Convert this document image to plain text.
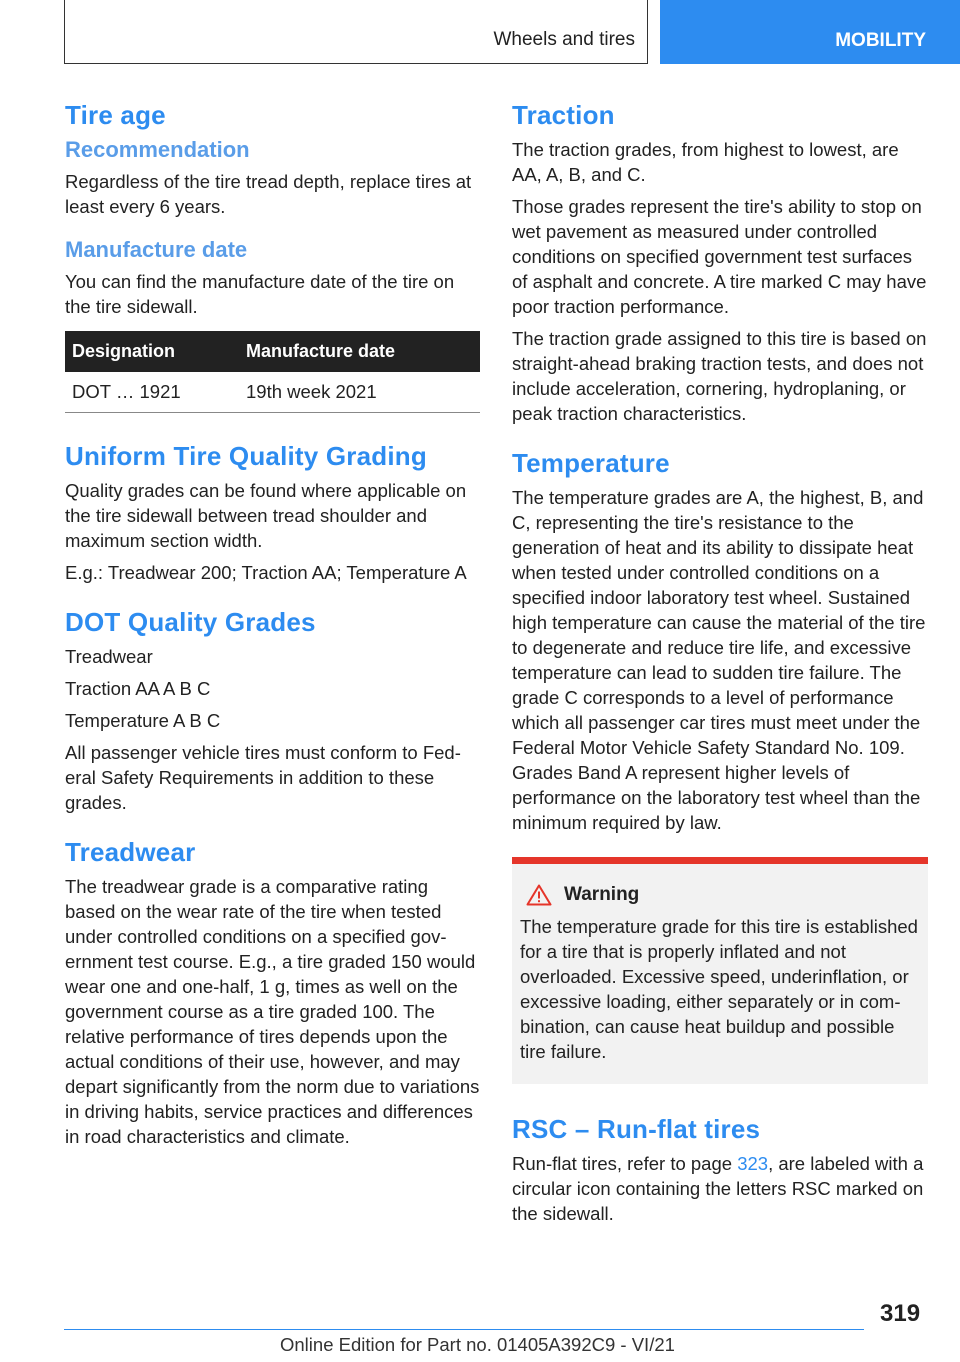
Wheels and tires	MOBILITY
Tire age
Recommendation

Regardless of the tire tread depth, replace tires at least every 6 years.

Manufacture date

You can find the manufacture date of the tire on the tire sidewall.

Designation	Manufacture date
DOT … 1921	19th week 2021
Uniform Tire Quality Grading

Quality grades can be found where applicable on the tire sidewall between tread shoulder and maximum section width.

E.g.: Treadwear 200; Traction AA; Temperature A

DOT Quality Grades

Treadwear

Traction AA A B C

Temperature A B C

All passenger vehicle tires must conform to Federal Safety Requirements in addition to these grades.

Treadwear

The treadwear grade is a comparative rating based on the wear rate of the tire when tested under controlled conditions on a specified government test course. E.g., a tire graded 150 would wear one and one-half, 1 g, times as well on the government course as a tire graded 100. The relative performance of tires depends upon the actual conditions of their use, however, and may depart significantly from the norm due to variations in driving habits, service practices and differences in road characteristics and climate.

Traction

The traction grades, from highest to lowest, are AA, A, B, and C.

Those grades represent the tire's ability to stop on wet pavement as measured under controlled conditions on specified government test surfaces of asphalt and concrete. A tire marked C may have poor traction performance.

The traction grade assigned to this tire is based on straight-ahead braking traction tests, and does not include acceleration, cornering, hydroplaning, or peak traction characteristics.

Temperature

The temperature grades are A, the highest, B, and C, representing the tire's resistance to the generation of heat and its ability to dissipate heat when tested under controlled conditions on a specified indoor laboratory test wheel. Sustained high temperature can cause the material of the tire to degenerate and reduce tire life, and excessive temperature can lead to sudden tire failure. The grade C corresponds to a level of performance which all passenger car tires must meet under the Federal Motor Vehicle Safety Standard No. 109. Grades Band A represent higher levels of performance on the laboratory test wheel than the minimum required by law.

Warning

The temperature grade for this tire is established for a tire that is properly inflated and not overloaded. Excessive speed, underinflation, or excessive loading, either separately or in combination, can cause heat buildup and possible tire failure.

RSC – Run‑flat tires

Run-flat tires, refer to page 323, are labeled with a circular icon containing the letters RSC marked on the sidewall.

319
Online Edition for Part no. 01405A392C9 - VI/21
